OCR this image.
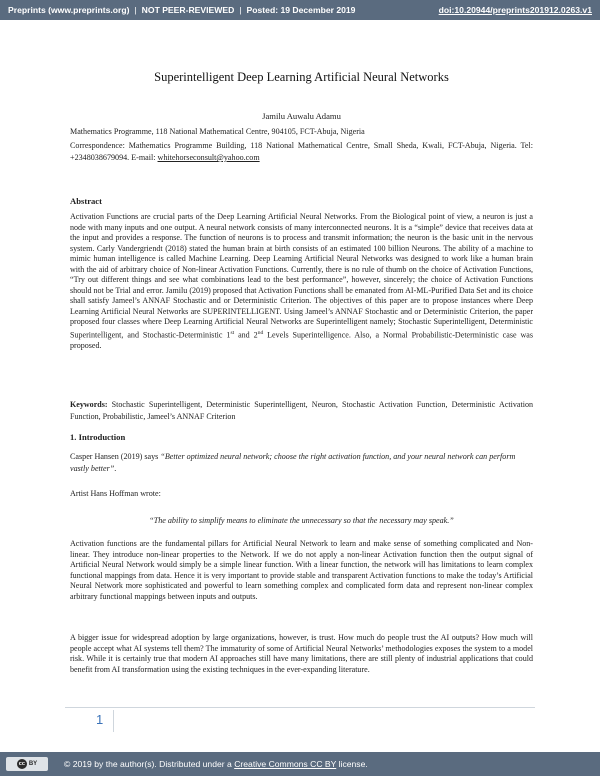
Preprints (www.preprints.org) | NOT PEER-REVIEWED | Posted: 19 December 2019	doi:10.20944/preprints201912.0263.v1
Superintelligent Deep Learning Artificial Neural Networks
Jamilu Auwalu Adamu

Mathematics Programme, 118 National Mathematical Centre, 904105, FCT-Abuja, Nigeria

Correspondence: Mathematics Programme Building, 118 National Mathematical Centre, Small Sheda, Kwali, FCT-Abuja, Nigeria. Tel: +2348038679094. E-mail: whitehorseconsult@yahoo.com

Abstract

Activation Functions are crucial parts of the Deep Learning Artificial Neural Networks. From the Biological point of view, a neuron is just a node with many inputs and one output. A neural network consists of many interconnected neurons. It is a “simple” device that receives data at the input and provides a response. The function of neurons is to process and transmit information; the neuron is the basic unit in the nervous system. Carly Vandergriendt (2018) stated the human brain at birth consists of an estimated 100 billion Neurons. The ability of a machine to mimic human intelligence is called Machine Learning. Deep Learning Artificial Neural Networks was designed to work like a human brain with the aid of arbitrary choice of Non-linear Activation Functions. Currently, there is no rule of thumb on the choice of Activation Functions, “Try out different things and see what combinations lead to the best performance”, however, sincerely; the choice of Activation Functions should not be Trial and error. Jamilu (2019) proposed that Activation Functions shall be emanated from AI-ML-Purified Data Set and its choice shall satisfy Jameel’s ANNAF Stochastic and or Deterministic Criterion. The objectives of this paper are to propose instances where Deep Learning Artificial Neural Networks are SUPERINTELLIGENT. Using Jameel’s ANNAF Stochastic and or Deterministic Criterion, the paper proposed four classes where Deep Learning Artificial Neural Networks are Superintelligent namely; Stochastic Superintelligent, Deterministic Superintelligent, and Stochastic-Deterministic 1st and 2nd Levels Superintelligence. Also, a Normal Probabilistic-Deterministic case was proposed.

Keywords: Stochastic Superintelligent, Deterministic Superintelligent, Neuron, Stochastic Activation Function, Deterministic Activation Function, Probabilistic, Jameel’s ANNAF Criterion

1. Introduction

Casper Hansen (2019) says “Better optimized neural network; choose the right activation function, and your neural network can perform vastly better”.

Artist Hans Hoffman wrote:

“The ability to simplify means to eliminate the unnecessary so that the necessary may speak.”

Activation functions are the fundamental pillars for Artificial Neural Network to learn and make sense of something complicated and Non-linear. They introduce non-linear properties to the Network. If we do not apply a non-linear Activation function then the output signal of Artificial Neural Network would simply be a simple linear function. With a linear function, the network will has limitations to learn complex functional mappings from data. Hence it is very important to provide stable and transparent Activation functions to make the today’s Artificial Neural Network more sophisticated and powerful to learn something complex and complicated form data and represent non-linear complex arbitrary functional mappings between inputs and outputs.

A bigger issue for widespread adoption by large organizations, however, is trust. How much do people trust the AI outputs? How much will people accept what AI systems tell them? The immaturity of some of Artificial Neural Networks’ methodologies exposes the system to a model risk. While it is certainly true that modern AI approaches still have many limitations, there are still plenty of industrial applications that could benefit from AI transformation using the existing techniques in the ever-expanding literature.

1
cc BY	© 2019 by the author(s). Distributed under a Creative Commons CC BY license.
